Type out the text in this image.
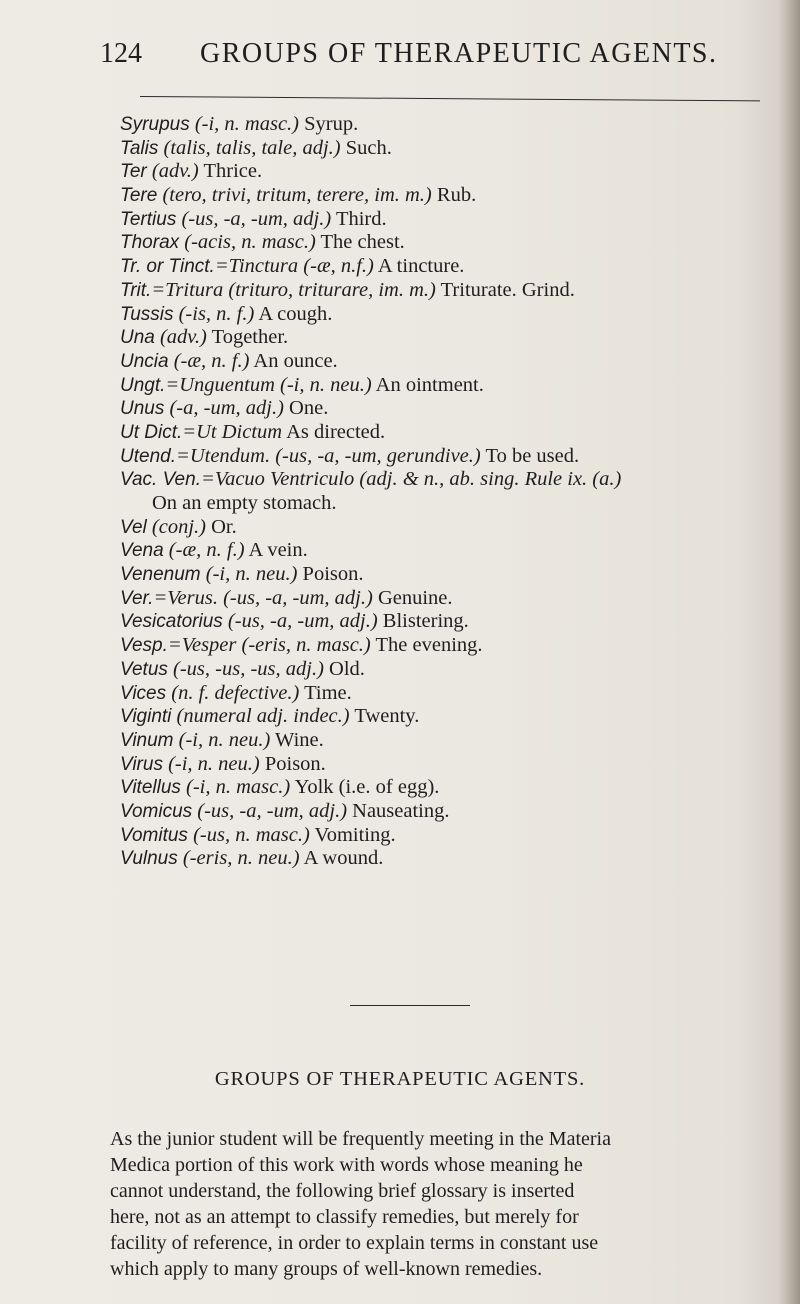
124 GROUPS OF THERAPEUTIC AGENTS.
Syrupus (-i, n. masc.) Syrup.
Talis (talis, talis, tale, adj.) Such.
Ter (adv.) Thrice.
Tere (tero, trivi, tritum, terere, im. m.) Rub.
Tertius (-us, -a, -um, adj.) Third.
Thorax (-acis, n. masc.) The chest.
Tr. or Tinct.=Tinctura (-æ, n.f.) A tincture.
Trit.=Tritura (trituro, triturare, im. m.) Triturate. Grind.
Tussis (-is, n. f.) A cough.
Una (adv.) Together.
Uncia (-æ, n. f.) An ounce.
Ungt.=Unguentum (-i, n. neu.) An ointment.
Unus (-a, -um, adj.) One.
Ut Dict.=Ut Dictum As directed.
Utend.=Utendum. (-us, -a, -um, gerundive.) To be used.
Vac. Ven.=Vacuo Ventriculo (adj. & n., ab. sing. Rule ix. (a.)
On an empty stomach.
Vel (conj.) Or.
Vena (-æ, n. f.) A vein.
Venenum (-i, n. neu.) Poison.
Ver.=Verus. (-us, -a, -um, adj.) Genuine.
Vesicatorius (-us, -a, -um, adj.) Blistering.
Vesp.=Vesper (-eris, n. masc.) The evening.
Vetus (-us, -us, -us, adj.) Old.
Vices (n. f. defective.) Time.
Viginti (numeral adj. indec.) Twenty.
Vinum (-i, n. neu.) Wine.
Virus (-i, n. neu.) Poison.
Vitellus (-i, n. masc.) Yolk (i.e. of egg).
Vomicus (-us, -a, -um, adj.) Nauseating.
Vomitus (-us, n. masc.) Vomiting.
Vulnus (-eris, n. neu.) A wound.
GROUPS OF THERAPEUTIC AGENTS.

As the junior student will be frequently meeting in the Materia
Medica portion of this work with words whose meaning he
cannot understand, the following brief glossary is inserted
here, not as an attempt to classify remedies, but merely for
facility of reference, in order to explain terms in constant use
which apply to many groups of well-known remedies.
